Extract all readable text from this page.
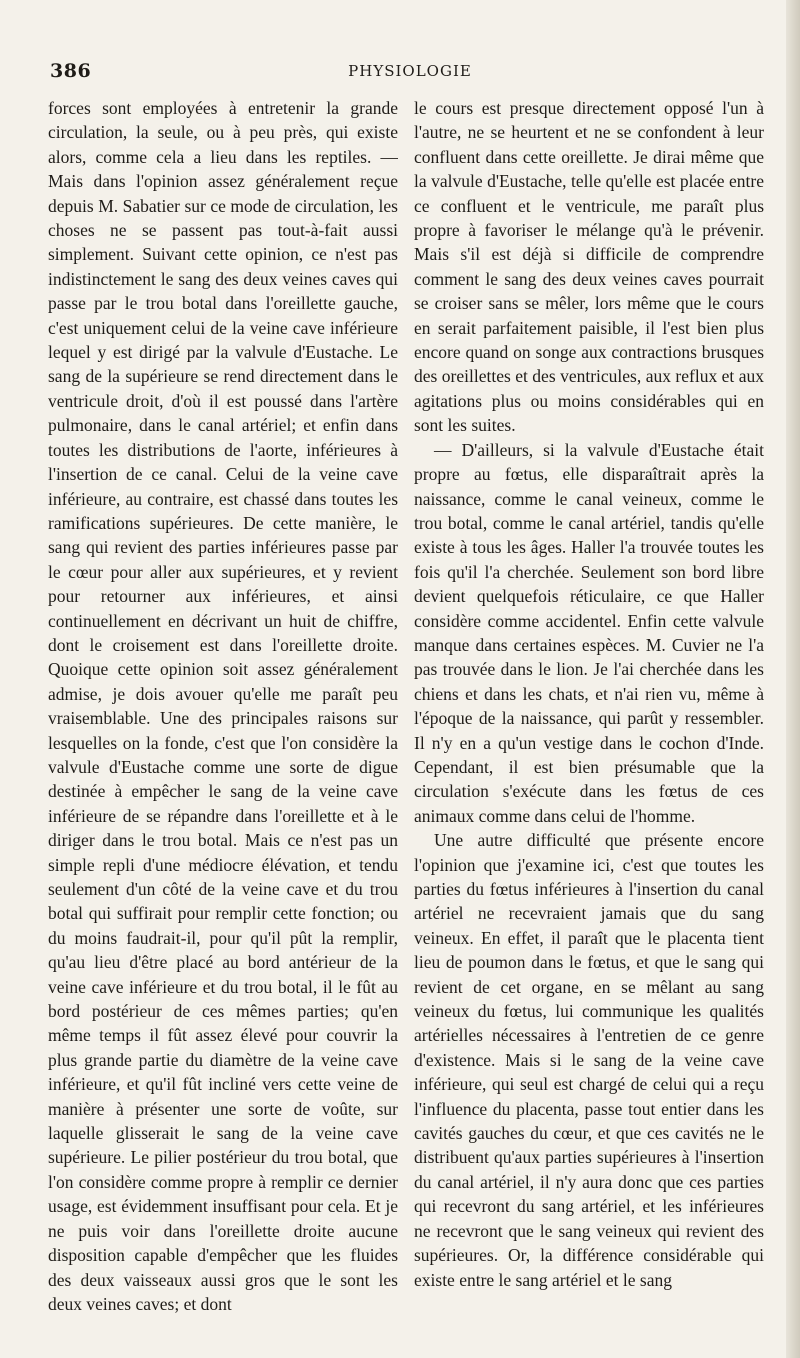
386	PHYSIOLOGIE

forces sont employées à entretenir la grande circulation, la seule, ou à peu près, qui existe alors, comme cela a lieu dans les reptiles. — Mais dans l'opinion assez généralement reçue depuis M. Sabatier sur ce mode de circulation, les choses ne se passent pas tout-à-fait aussi simplement. Suivant cette opinion, ce n'est pas indistinctement le sang des deux veines caves qui passe par le trou botal dans l'oreillette gauche, c'est uniquement celui de la veine cave inférieure lequel y est dirigé par la valvule d'Eustache. Le sang de la supérieure se rend directement dans le ventricule droit, d'où il est poussé dans l'artère pulmonaire, dans le canal artériel; et enfin dans toutes les distributions de l'aorte, inférieures à l'insertion de ce canal. Celui de la veine cave inférieure, au contraire, est chassé dans toutes les ramifications supérieures. De cette manière, le sang qui revient des parties inférieures passe par le cœur pour aller aux supérieures, et y revient pour retourner aux inférieures, et ainsi continuellement en décrivant un huit de chiffre, dont le croisement est dans l'oreillette droite. Quoique cette opinion soit assez généralement admise, je dois avouer qu'elle me paraît peu vraisemblable. Une des principales raisons sur lesquelles on la fonde, c'est que l'on considère la valvule d'Eustache comme une sorte de digue destinée à empêcher le sang de la veine cave inférieure de se répandre dans l'oreillette et à le diriger dans le trou botal. Mais ce n'est pas un simple repli d'une médiocre élévation, et tendu seulement d'un côté de la veine cave et du trou botal qui suffirait pour remplir cette fonction; ou du moins faudrait-il, pour qu'il pût la remplir, qu'au lieu d'être placé au bord antérieur de la veine cave inférieure et du trou botal, il le fût au bord postérieur de ces mêmes parties; qu'en même temps il fût assez élevé pour couvrir la plus grande partie du diamètre de la veine cave inférieure, et qu'il fût incliné vers cette veine de manière à présenter une sorte de voûte, sur laquelle glisserait le sang de la veine cave supérieure. Le pilier postérieur du trou botal, que l'on considère comme propre à remplir ce dernier usage, est évidemment insuffisant pour cela. Et je ne puis voir dans l'oreillette droite aucune disposition capable d'empêcher que les fluides des deux vaisseaux aussi gros que le sont les deux veines caves; et dont

le cours est presque directement opposé l'un à l'autre, ne se heurtent et ne se confondent à leur confluent dans cette oreillette. Je dirai même que la valvule d'Eustache, telle qu'elle est placée entre ce confluent et le ventricule, me paraît plus propre à favoriser le mélange qu'à le prévenir. Mais s'il est déjà si difficile de comprendre comment le sang des deux veines caves pourrait se croiser sans se mêler, lors même que le cours en serait parfaitement paisible, il l'est bien plus encore quand on songe aux contractions brusques des oreillettes et des ventricules, aux reflux et aux agitations plus ou moins considérables qui en sont les suites.

— D'ailleurs, si la valvule d'Eustache était propre au fœtus, elle disparaîtrait après la naissance, comme le canal veineux, comme le trou botal, comme le canal artériel, tandis qu'elle existe à tous les âges. Haller l'a trouvée toutes les fois qu'il l'a cherchée. Seulement son bord libre devient quelquefois réticulaire, ce que Haller considère comme accidentel. Enfin cette valvule manque dans certaines espèces. M. Cuvier ne l'a pas trouvée dans le lion. Je l'ai cherchée dans les chiens et dans les chats, et n'ai rien vu, même à l'époque de la naissance, qui parût y ressembler. Il n'y en a qu'un vestige dans le cochon d'Inde. Cependant, il est bien présumable que la circulation s'exécute dans les fœtus de ces animaux comme dans celui de l'homme.

Une autre difficulté que présente encore l'opinion que j'examine ici, c'est que toutes les parties du fœtus inférieures à l'insertion du canal artériel ne recevraient jamais que du sang veineux. En effet, il paraît que le placenta tient lieu de poumon dans le fœtus, et que le sang qui revient de cet organe, en se mêlant au sang veineux du fœtus, lui communique les qualités artérielles nécessaires à l'entretien de ce genre d'existence. Mais si le sang de la veine cave inférieure, qui seul est chargé de celui qui a reçu l'influence du placenta, passe tout entier dans les cavités gauches du cœur, et que ces cavités ne le distribuent qu'aux parties supérieures à l'insertion du canal artériel, il n'y aura donc que ces parties qui recevront du sang artériel, et les inférieures ne recevront que le sang veineux qui revient des supérieures. Or, la différence considérable qui existe entre le sang artériel et le sang
